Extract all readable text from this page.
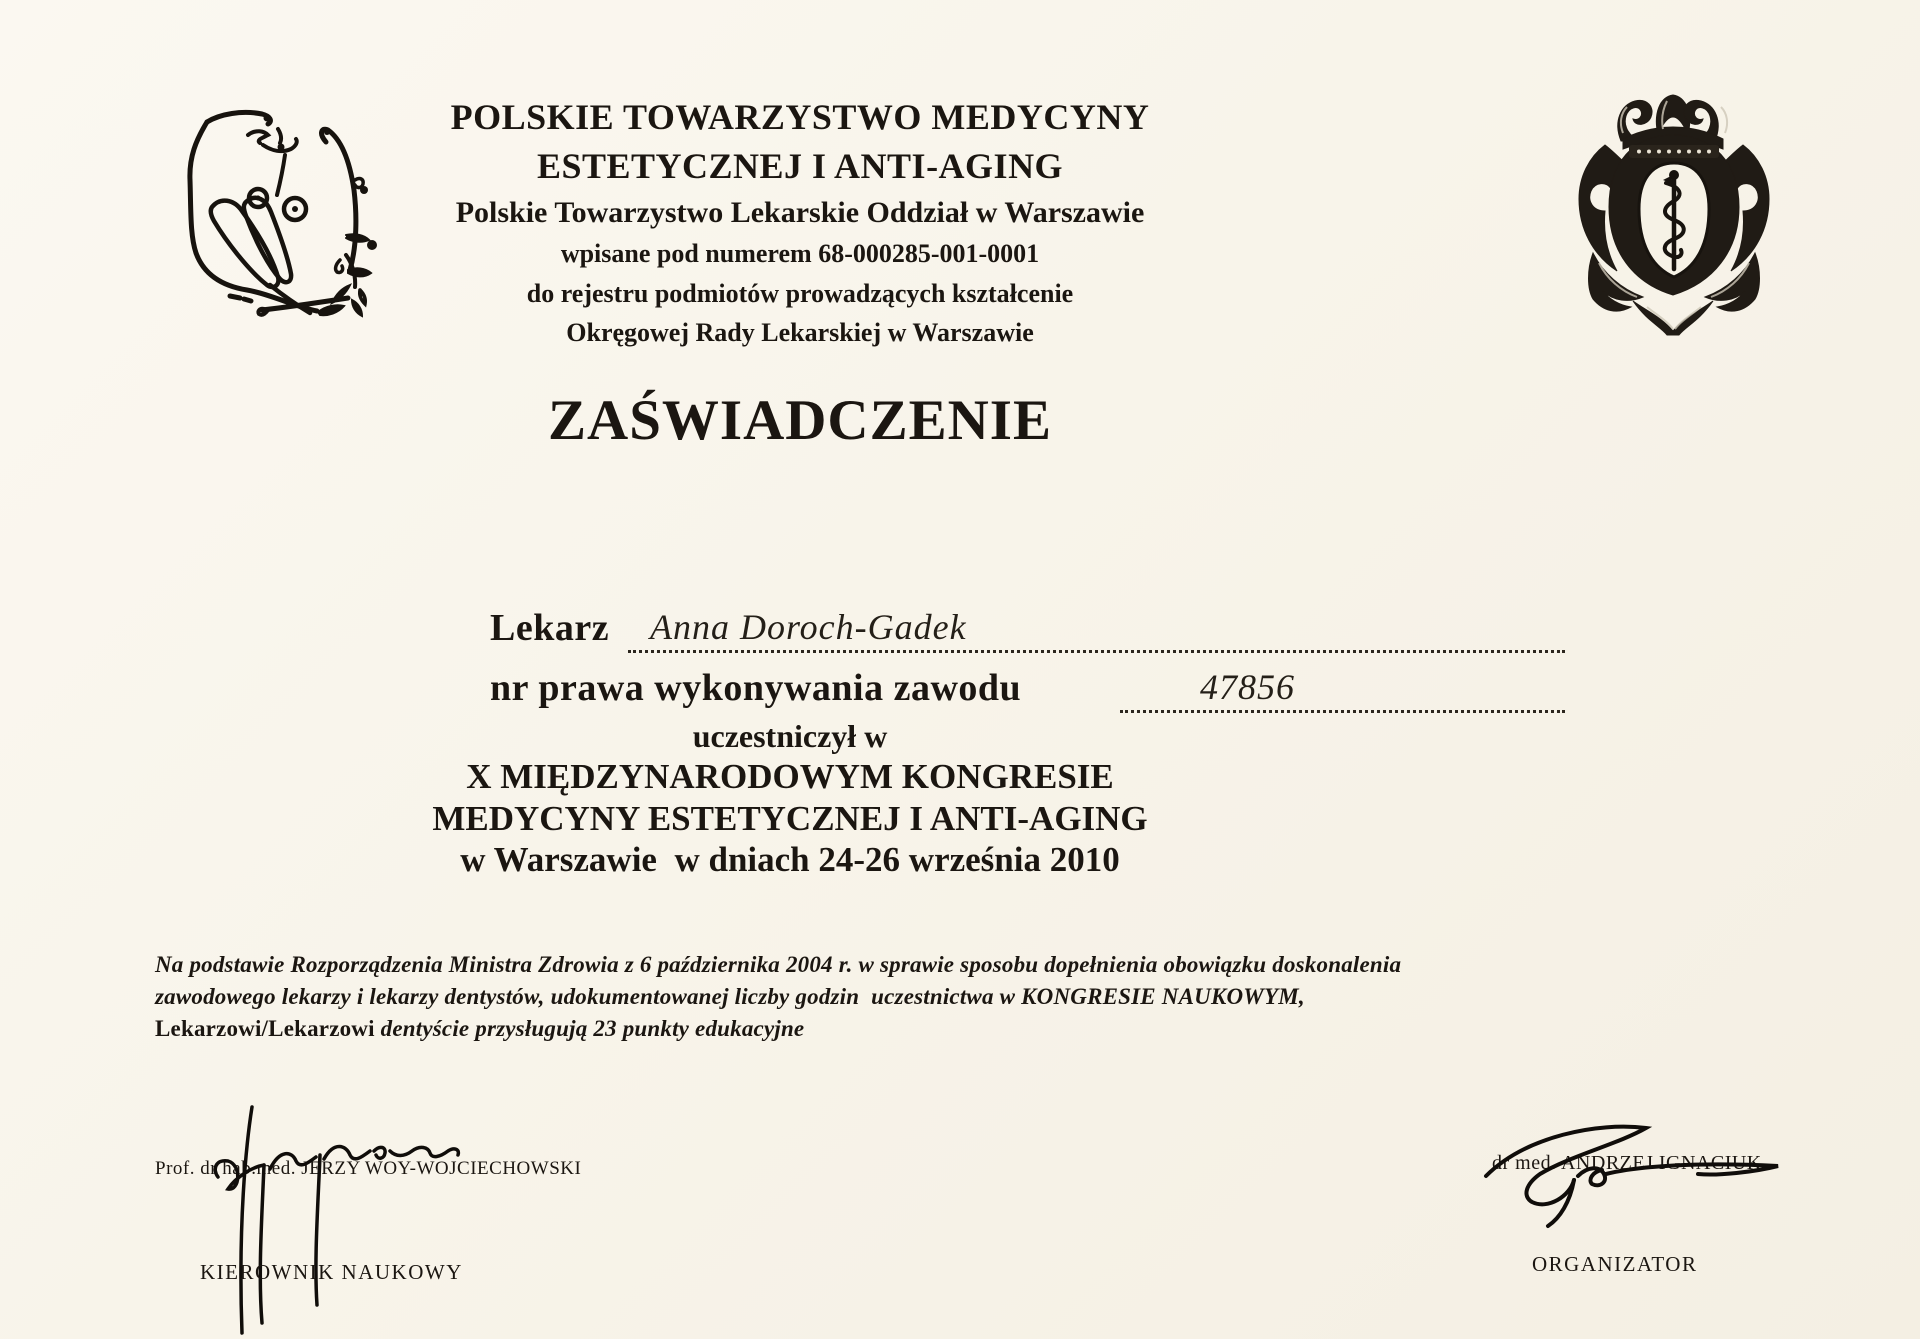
POLSKIE TOWARZYSTWO MEDYCYNY
ESTETYCZNEJ I ANTI-AGING
Polskie Towarzystwo Lekarskie Oddział w Warszawie
wpisane pod numerem 68-000285-001-0001
do rejestru podmiotów prowadzących kształcenie
Okręgowej Rady Lekarskiej w Warszawie
ZAŚWIADCZENIE
Lekarz Anna Doroch-Gadek
nr prawa wykonywania zawodu	47856
uczestniczył w
X MIĘDZYNARODOWYM KONGRESIE
MEDYCYNY ESTETYCZNEJ I ANTI-AGING
w Warszawie  w dniach 24-26 września 2010
Na podstawie Rozporządzenia Ministra Zdrowia z 6 października 2004 r. w sprawie sposobu dopełnienia obowiązku doskonalenia
zawodowego lekarzy i lekarzy dentystów, udokumentowanej liczby godzin  uczestnictwa w KONGRESIE NAUKOWYM,
Lekarzowi/Lekarzowi dentyście przysługują 23 punkty edukacyjne
Prof. dr hab.med. JERZY WOY-WOJCIECHOWSKI
KIEROWNIK NAUKOWY
dr med. ANDRZEJ IGNACIUK
ORGANIZATOR
